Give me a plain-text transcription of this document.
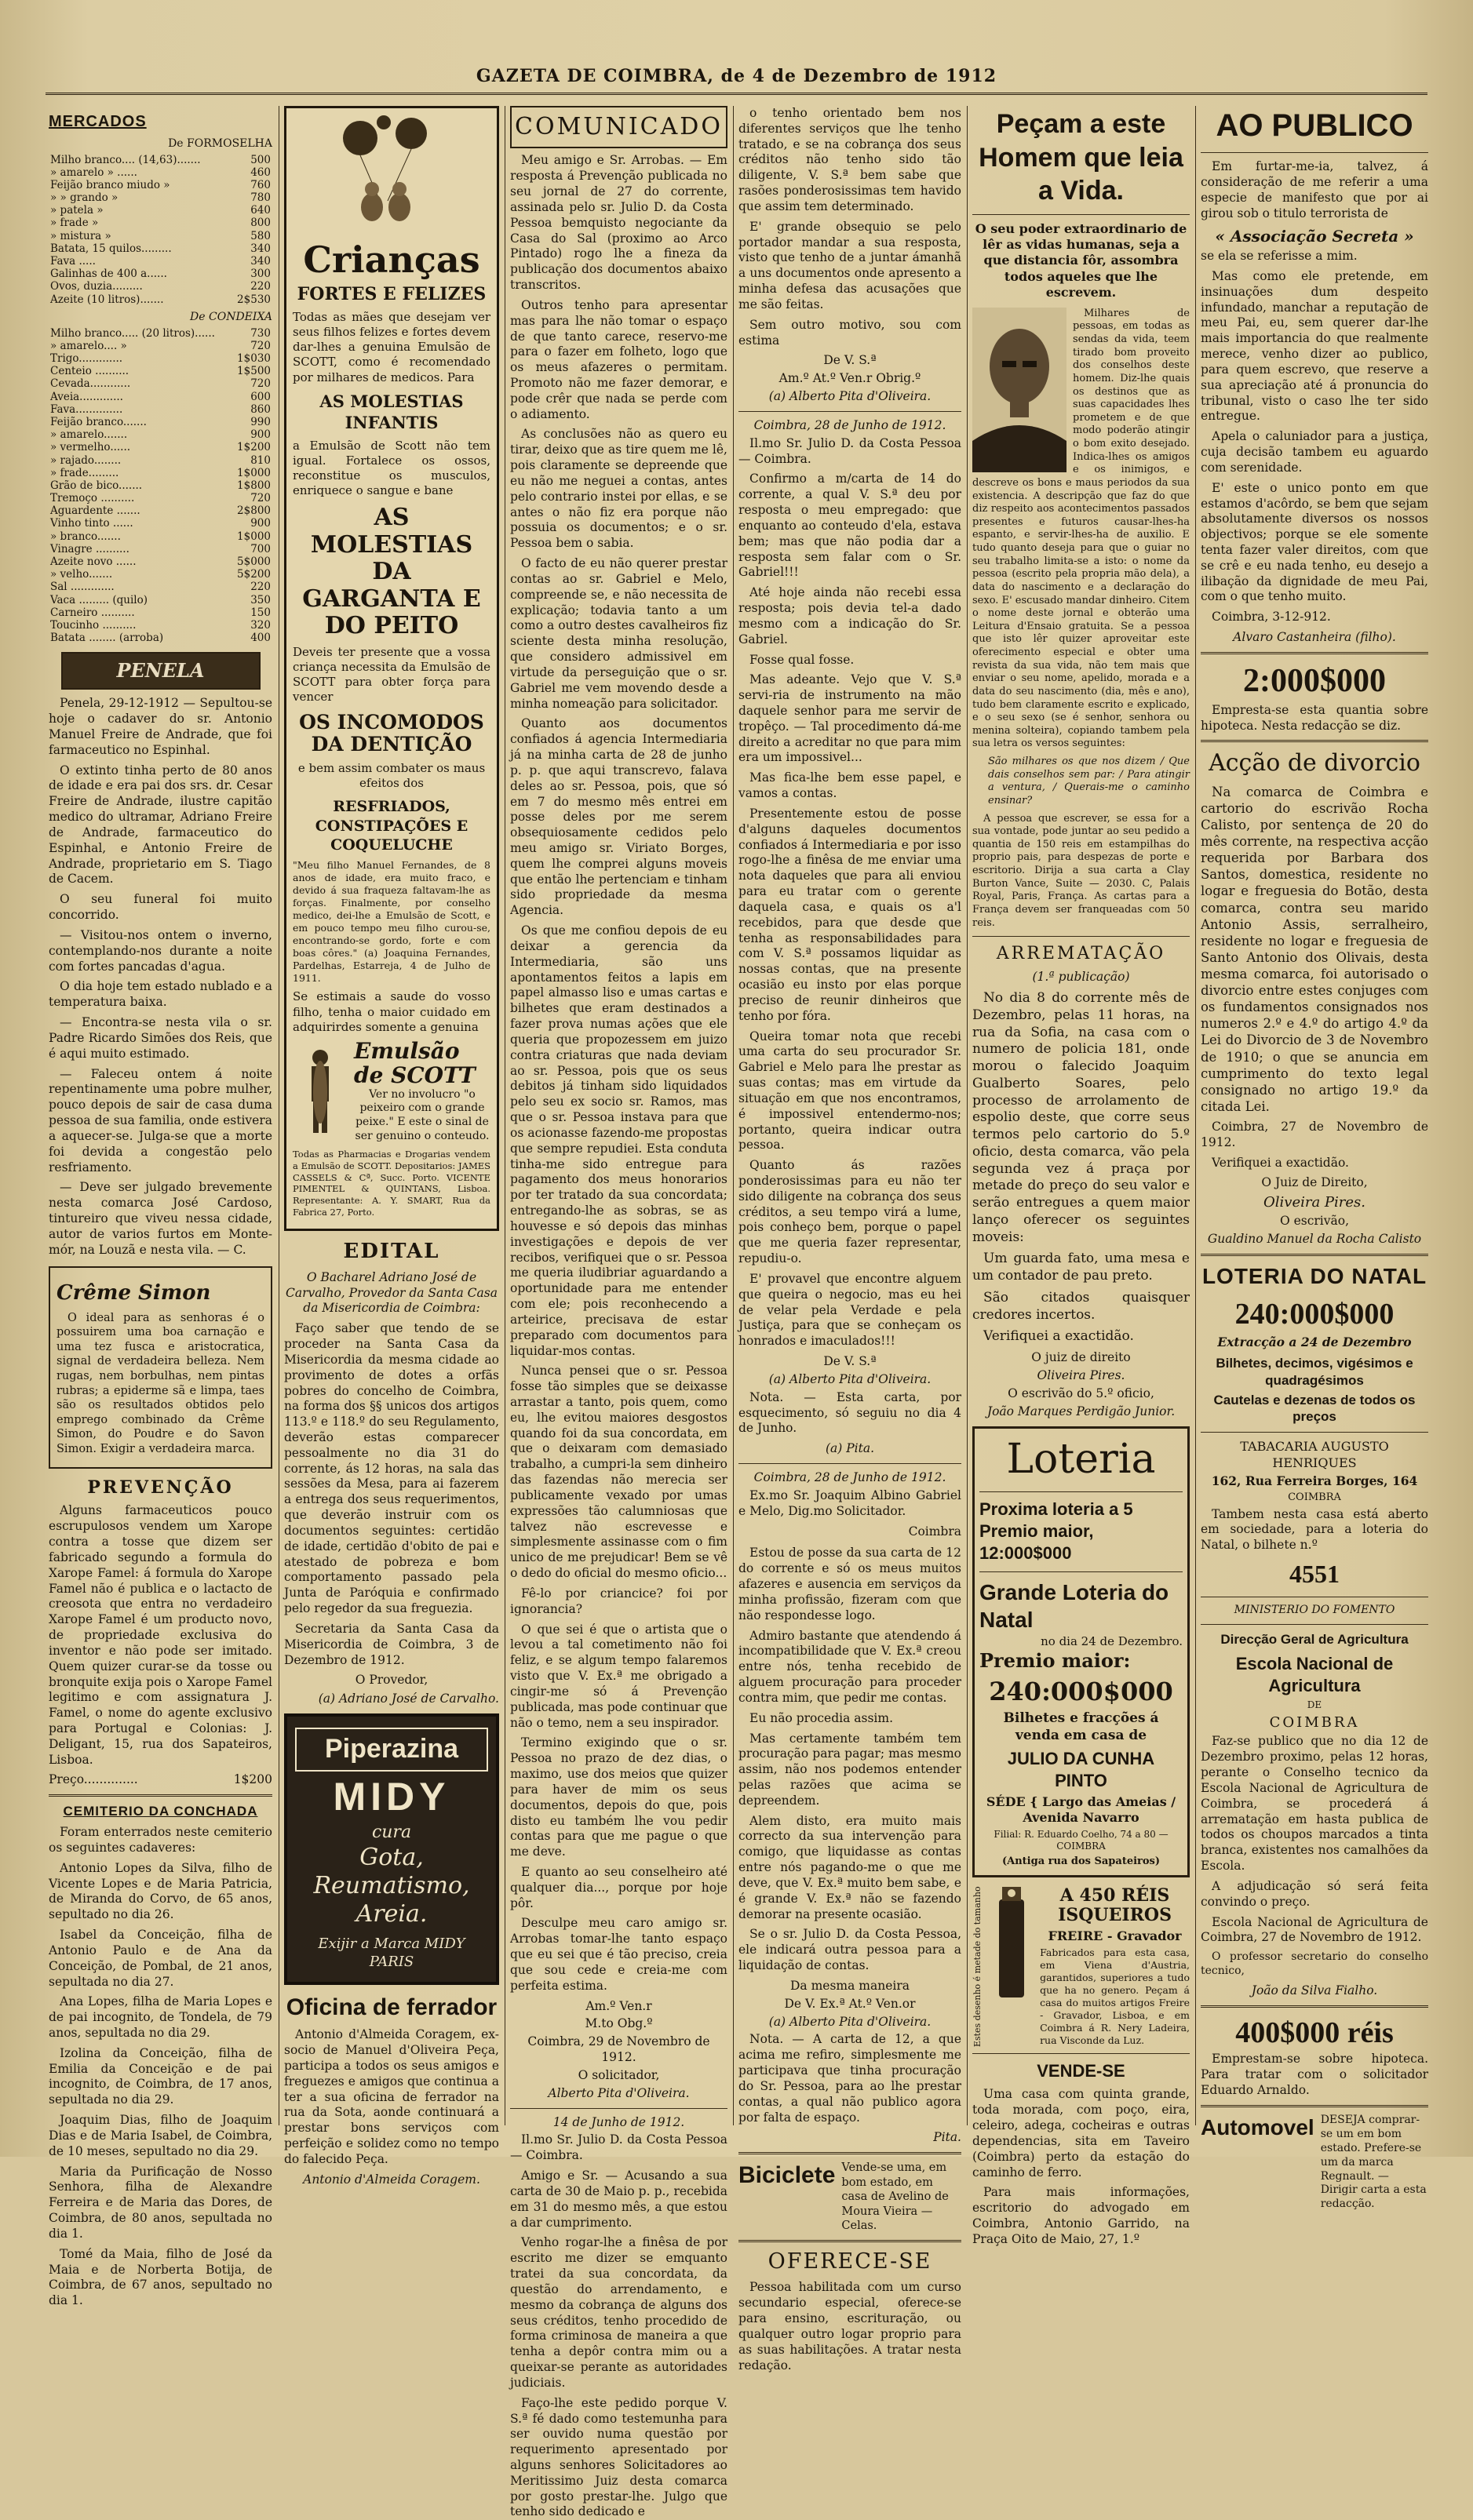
GAZETA DE COIMBRA, de 4 de Dezembro de 1912
MERCADOS
De FORMOSELHA
Milho branco.... (14,63).......	500
» amarelo » ......	460
Feijão branco miudo »	760
» » grando »	780
» patela »	640
» frade »	800
» mistura »	580
Batata, 15 quilos.........	340
Fava .....	340
Galinhas de 400 a......	300
Ovos, duzia.........	220
Azeite (10 litros).......	2$530
De CONDEIXA
Milho branco..... (20 litros)......	730
» amarelo.... »	720
Trigo.............	1$030
Centeio ..........	1$500
Cevada............	720
Aveia.............	600
Fava..............	860
Feijão branco.......	990
» amarelo.......	900
» vermelho......	1$200
» rajado........	810
» frade.........	1$000
Grão de bico.......	1$800
Tremoço ..........	720
Aguardente .......	2$800
Vinho tinto ......	900
» branco.......	1$000
Vinagre ..........	700
Azeite novo ......	5$000
» velho.......	5$200
Sal .............	220
Vaca ......... (quilo)	350
Carneiro ..........	150
Toucinho ..........	320
Batata ........ (arroba)	400
PENELA

Penela, 29-12-1912 — Sepultou-se hoje o cadaver do sr. Antonio Manuel Freire de Andrade, que foi farmaceutico no Espinhal.

O extinto tinha perto de 80 anos de idade e era pai dos srs. dr. Cesar Freire de Andrade, ilustre capitão medico do ultramar, Adriano Freire de Andrade, farmaceutico do Espinhal, e Antonio Freire de Andrade, proprietario em S. Tiago de Cacem.

O seu funeral foi muito concorrido.

— Visitou-nos ontem o inverno, contemplando-nos durante a noite com fortes pancadas d'agua.

O dia hoje tem estado nublado e a temperatura baixa.

— Encontra-se nesta vila o sr. Padre Ricardo Simões dos Reis, que é aqui muito estimado.

— Faleceu ontem á noite repentinamente uma pobre mulher, pouco depois de sair de casa duma pessoa de sua familia, onde estivera a aquecer-se. Julga-se que a morte foi devida a congestão pelo resfriamento.

— Deve ser julgado brevemente nesta comarca José Cardoso, tintureiro que viveu nessa cidade, autor de varios furtos em Monte-mór, na Louzã e nesta vila. — C.

Crême Simon

O ideal para as senhoras é o possuirem uma boa carnação e uma tez fusca e aristocratica, signal de verdadeira belleza. Nem rugas, nem borbulhas, nem pintas rubras; a epiderme sã e limpa, taes são os resultados obtidos pelo emprego combinado da Crême Simon, do Poudre e do Savon Simon. Exigir a verdadeira marca.

PREVENÇÃO

Alguns farmaceuticos pouco escrupulosos vendem um Xarope contra a tosse que dizem ser fabricado segundo a formula do Xarope Famel: á formula do Xarope Famel não é publica e o lactacto de creosota que entra no verdadeiro Xarope Famel é um producto novo, de propriedade exclusiva do inventor e não pode ser imitado. Quem quizer curar-se da tosse ou bronquite exija pois o Xarope Famel legitimo e com assignatura J. Famel, o nome do agente exclusivo para Portugal e Colonias: J. Deligant, 15, rua dos Sapateiros, Lisboa.

Preço..............	1$200
CEMITERIO DA CONCHADA

Foram enterrados neste cemiterio os seguintes cadaveres:

Antonio Lopes da Silva, filho de Vicente Lopes e de Maria Patricia, de Miranda do Corvo, de 65 anos, sepultado no dia 26.

Isabel da Conceição, filha de Antonio Paulo e de Ana da Conceição, de Pombal, de 21 anos, sepultada no dia 27.

Ana Lopes, filha de Maria Lopes e de pai incognito, de Tondela, de 79 anos, sepultada no dia 29.

Izolina da Conceição, filha de Emilia da Conceição e de pai incognito, de Coimbra, de 17 anos, sepultada no dia 29.

Joaquim Dias, filho de Joaquim Dias e de Maria Isabel, de Coimbra, de 10 meses, sepultado no dia 29.

Maria da Purificação de Nosso Senhora, filha de Alexandre Ferreira e de Maria das Dores, de Coimbra, de 80 anos, sepultada no dia 1.

Tomé da Maia, filho de José da Maia e de Norberta Botija, de Coimbra, de 67 anos, sepultado no dia 1.

Crianças
FORTES E FELIZES

Todas as mães que desejam ver seus filhos felizes e fortes devem dar-lhes a genuina Emulsão de SCOTT, como é recomendado por milhares de medicos. Para

AS MOLESTIAS INFANTIS

a Emulsão de Scott não tem igual. Fortalece os ossos, reconstitue os musculos, enriquece o sangue e bane

AS MOLESTIAS DA GARGANTA E DO PEITO

Deveis ter presente que a vossa criança necessita da Emulsão de SCOTT para obter força para vencer

OS INCOMODOS DA DENTIÇÃO

e bem assim combater os maus efeitos dos

RESFRIADOS, CONSTIPAÇÕES E COQUELUCHE

"Meu filho Manuel Fernandes, de 8 anos de idade, era muito fraco, e devido á sua fraqueza faltavam-lhe as forças. Finalmente, por conselho medico, dei-lhe a Emulsão de Scott, e em pouco tempo meu filho curou-se, encontrando-se gordo, forte e com boas côres." (a) Joaquina Fernandes, Pardelhas, Estarreja, 4 de Julho de 1911.

Se estimais a saude do vosso filho, tenha o maior cuidado em adquirirdes somente a genuina

Emulsão de SCOTT
Ver no involucro "o peixeiro com o grande peixe." E este o sinal de ser genuino o conteudo.

Todas as Pharmacias e Drogarias vendem a Emulsão de SCOTT. Depositarios: JAMES CASSELS & Cª, Succ. Porto. VICENTE PIMENTEL & QUINTANS, Lisboa. Representante: A. Y. SMART, Rua da Fabrica 27, Porto.

EDITAL
O Bacharel Adriano José de Carvalho, Provedor da Santa Casa da Misericordia de Coimbra:

Faço saber que tendo de se proceder na Santa Casa da Misericordia da mesma cidade ao provimento de dotes a orfãs pobres do concelho de Coimbra, na forma dos §§ unicos dos artigos 113.º e 118.º do seu Regulamento, deverão estas comparecer pessoalmente no dia 31 do corrente, ás 12 horas, na sala das sessões da Mesa, para ai fazerem a entrega dos seus requerimentos, que deverão instruir com os documentos seguintes: certidão de idade, certidão d'obito de pai e atestado de pobreza e bom comportamento passado pela Junta de Paróquia e confirmado pelo regedor da sua freguezia.

Secretaria da Santa Casa da Misericordia de Coimbra, 3 de Dezembro de 1912.

O Provedor,
(a) Adriano José de Carvalho.
Piperazina
MIDY
cura
Gota, Reumatismo, Areia.
Exijir a Marca MIDY PARIS
Oficina de ferrador

Antonio d'Almeida Coragem, ex-socio de Manuel d'Oliveira Peça, participa a todos os seus amigos e freguezes e amigos que continua a ter a sua oficina de ferrador na rua da Sota, aonde continuará a prestar bons serviços com perfeição e solidez como no tempo do falecido Peça.

Antonio d'Almeida Coragem.
COMUNICADO

Meu amigo e Sr. Arrobas. — Em resposta á Prevenção publicada no seu jornal de 27 do corrente, assinada pelo sr. Julio D. da Costa Pessoa bemquisto negociante da Casa do Sal (proximo ao Arco Pintado) rogo lhe a fineza da publicação dos documentos abaixo transcritos.

Outros tenho para apresentar mas para lhe não tomar o espaço de que tanto carece, reservo-me para o fazer em folheto, logo que os meus afazeres o permitam. Promoto não me fazer demorar, e pode crêr que nada se perde com o adiamento.

As conclusões não as quero eu tirar, deixo que as tire quem me lê, pois claramente se depreende que eu não me neguei a contas, antes pelo contrario instei por ellas, e se antes o não fiz era porque não possuia os documentos; e o sr. Pessoa bem o sabia.

O facto de eu não querer prestar contas ao sr. Gabriel e Melo, compreende se, e não necessita de explicação; todavia tanto a um como a outro destes cavalheiros fiz sciente desta minha resolução, que considero admissivel em virtude da perseguição que o sr. Gabriel me vem movendo desde a minha nomeação para solicitador.

Quanto aos documentos confiados á agencia Intermediaria já na minha carta de 28 de junho p. p. que aqui transcrevo, falava deles ao sr. Pessoa, pois, que só em 7 do mesmo mês entrei em posse deles por me serem obsequiosamente cedidos pelo meu amigo sr. Viriato Borges, quem lhe comprei alguns moveis que então lhe pertenciam e tinham sido propriedade da mesma Agencia.

Os que me confiou depois de eu deixar a gerencia da Intermediaria, são uns apontamentos feitos a lapis em papel almasso liso e umas cartas e bilhetes que eram destinados a fazer prova numas ações que ele queria que propozessem em juizo contra criaturas que nada deviam ao sr. Pessoa, pois que os seus debitos já tinham sido liquidados pelo seu ex socio sr. Ramos, mas que o sr. Pessoa instava para que os acionasse fazendo-me propostas que sempre repudiei. Esta conduta tinha-me sido entregue para pagamento dos meus honorarios por ter tratado da sua concordata; entregando-lhe as sobras, se as houvesse e só depois das minhas investigações e depois de ver recibos, verifiquei que o sr. Pessoa me queria iludibriar aguardando a oportunidade para me entender com ele; pois reconhecendo a arteirice, precisava de estar preparado com documentos para liquidar-mos contas.

Nunca pensei que o sr. Pessoa fosse tão simples que se deixasse arrastar a tanto, pois quem, como eu, lhe evitou maiores desgostos quando foi da sua concordata, em que o deixaram com demasiado trabalho, a cumpri-la sem dinheiro das fazendas não merecia ser publicamente vexado por umas expressões tão calumniosas que talvez não escrevesse e simplesmente assinasse com o fim unico de me prejudicar! Bem se vê o dedo do oficial do mesmo oficio...

Fê-lo por criancice? foi por ignorancia?

O que sei é que o artista que o levou a tal cometimento não foi feliz, e se algum tempo falaremos visto que V. Ex.ª me obrigado a cingir-me só á Prevenção publicada, mas pode continuar que não o temo, nem a seu inspirador.

Termino exigindo que o sr. Pessoa no prazo de dez dias, o maximo, use dos meios que quizer para haver de mim os seus documentos, depois do que, pois disto eu também lhe vou pedir contas para que me pague o que me deve.

E quanto ao seu conselheiro até qualquer dia..., porque por hoje pôr.

Desculpe meu caro amigo sr. Arrobas tomar-lhe tanto espaço que eu sei que é tão preciso, creia que sou cede e creia-me com perfeita estima.

Am.º Ven.r
M.to Obg.º
Coimbra, 29 de Novembro de 1912.
O solicitador,
Alberto Pita d'Oliveira.
14 de Junho de 1912.

Il.mo Sr. Julio D. da Costa Pessoa — Coimbra.

Amigo e Sr. — Acusando a sua carta de 30 de Maio p. p., recebida em 31 do mesmo mês, a que estou a dar cumprimento.

Venho rogar-lhe a finêsa de por escrito me dizer se emquanto tratei da sua concordata, da questão do arrendamento, e mesmo da cobrança de alguns dos seus créditos, tenho procedido de forma criminosa de maneira a que tenha a depôr contra mim ou a queixar-se perante as autoridades judiciais.

Faço-lhe este pedido porque V. S.ª fé dado como testemunha para ser ouvido numa questão por requerimento apresentado por alguns senhores Solicitadores ao Meritissimo Juiz desta comarca por gosto prestar-lhe. Julgo que tenho sido dedicado e

o tenho orientado bem nos diferentes serviços que lhe tenho tratado, e se na cobrança dos seus créditos não tenho sido tão diligente, V. S.ª bem sabe que rasões ponderosissimas tem havido que assim tem determinado.

E' grande obsequio se pelo portador mandar a sua resposta, visto que tenho de a juntar ámanhã a uns documentos onde apresento a minha defesa das acusações que me são feitas.

Sem outro motivo, sou com estima

De V. S.ª
Am.º At.º Ven.r Obrig.º
(a) Alberto Pita d'Oliveira.
Coimbra, 28 de Junho de 1912.

Il.mo Sr. Julio D. da Costa Pessoa — Coimbra.

Confirmo a m/carta de 14 do corrente, a qual V. S.ª deu por resposta o meu empregado: que enquanto ao conteudo d'ela, estava bem; mas que não podia dar a resposta sem falar com o Sr. Gabriel!!!

Até hoje ainda não recebi essa resposta; pois devia tel-a dado mesmo com a indicação do Sr. Gabriel.

Fosse qual fosse.

Mas adeante. Vejo que V. S.ª servi-ria de instrumento na mão daquele senhor para me servir de tropêço. — Tal procedimento dá-me direito a acreditar no que para mim era um impossivel...

Mas fica-lhe bem esse papel, e vamos a contas.

Presentemente estou de posse d'alguns daqueles documentos confiados á Intermediaria e por isso rogo-lhe a finêsa de me enviar uma nota daqueles que para ali enviou para eu tratar com o gerente daquela casa, e quais os a'l recebidos, para que desde que tenha as responsabilidades para com V. S.ª possamos liquidar as nossas contas, que na presente ocasião eu insto por elas porque preciso de reunir dinheiros que tenho por fóra.

Queira tomar nota que recebi uma carta do seu procurador Sr. Gabriel e Melo para lhe prestar as suas contas; mas em virtude da situação em que nos encontramos, é impossivel entendermo-nos; portanto, queira indicar outra pessoa.

Quanto ás razões ponderosissimas para eu não ter sido diligente na cobrança dos seus créditos, a seu tempo virá a lume, pois conheço bem, porque o papel que me queria fazer representar, repudiu-o.

E' provavel que encontre alguem que queira o negocio, mas eu hei de velar pela Verdade e pela Justiça, para que se conheçam os honrados e imaculados!!!

De V. S.ª
(a) Alberto Pita d'Oliveira.

Nota. — Esta carta, por esquecimento, só seguiu no dia 4 de Junho.

(a) Pita.
Coimbra, 28 de Junho de 1912.

Ex.mo Sr. Joaquim Albino Gabriel e Melo, Dig.mo Solicitador.

Coimbra

Estou de posse da sua carta de 12 do corrente e só os meus muitos afazeres e ausencia em serviços da minha profissão, fizeram com que não respondesse logo.

Admiro bastante que atendendo á incompatibilidade que V. Ex.ª creou entre nós, tenha recebido de alguem procuração para proceder contra mim, que pedir me contas.

Eu não procedia assim.

Mas certamente também tem procuração para pagar; mas mesmo assim, não nos podemos entender pelas razões que acima se depreendem.

Alem disto, era muito mais correcto da sua intervenção para comigo, que liquidasse as contas entre nós pagando-me o que me deve, que V. Ex.ª muito bem sabe, e é grande V. Ex.ª não se fazendo demorar na presente ocasião.

Se o sr. Julio D. da Costa Pessoa, ele indicará outra pessoa para a liquidação de contas.

Da mesma maneira
De V. Ex.ª At.º Ven.or
(a) Alberto Pita d'Oliveira.

Nota. — A carta de 12, a que acima me refiro, simplesmente me participava que tinha procuração do Sr. Pessoa, para ao lhe prestar contas, a qual não publico agora por falta de espaço.

Pita.
Biciclete Vende-se uma, em bom estado, em casa de Avelino de Moura Vieira — Celas.
OFERECE-SE

Pessoa habilitada com um curso secundario especial, oferece-se para ensino, escrituração, ou qualquer outro logar proprio para as suas habilitações. A tratar nesta redação.

Peçam a este Homem que leia a Vida.
O seu poder extraordinario de lêr as vidas humanas, seja a que distancia fôr, assombra todos aqueles que lhe escrevem.

Milhares de pessoas, em todas as sendas da vida, teem tirado bom proveito dos conselhos deste homem. Diz-lhe quais os destinos que as suas capacidades lhes prometem e de que modo poderão atingir o bom exito desejado. Indica-lhes os amigos e os inimigos, e descreve os bons e maus periodos da sua existencia. A descripção que faz do que diz respeito aos acontecimentos passados presentes e futuros causar-lhes-ha espanto, e servir-lhes-ha de auxilio. E tudo quanto deseja para que o guiar no seu trabalho limita-se a isto: o nome da pessoa (escrito pela propria mão dela), a data do nascimento e a declaração do sexo. E' escusado mandar dinheiro. Citem o nome deste jornal e obterão uma Leitura d'Ensaio gratuita. Se a pessoa que isto lêr quizer aproveitar este oferecimento especial e obter uma revista da sua vida, não tem mais que enviar o seu nome, apelido, morada e a data do seu nascimento (dia, mês e ano), tudo bem claramente escrito e explicado, e o seu sexo (se é senhor, senhora ou menina solteira), copiando tambem pela sua letra os versos seguintes:

São milhares os que nos dizem / Que dais conselhos sem par: / Para atingir a ventura, / Querais-me o caminho ensinar?

A pessoa que escrever, se essa for a sua vontade, pode juntar ao seu pedido a quantia de 150 reis em estampilhas do proprio pais, para despezas de porte e escritorio. Dirija a sua carta a Clay Burton Vance, Suite — 2030. C, Palais Royal, Paris, França. As cartas para a França devem ser franqueadas com 50 reis.

ARREMATAÇÃO
(1.ª publicação)

No dia 8 do corrente mês de Dezembro, pelas 11 horas, na rua da Sofia, na casa com o numero de policia 181, onde morou o falecido Joaquim Gualberto Soares, pelo processo de arrolamento de espolio deste, que corre seus termos pelo cartorio do 5.º oficio, desta comarca, vão pela segunda vez á praça por metade do preço do seu valor e serão entregues a quem maior lanço oferecer os seguintes moveis:

Um guarda fato, uma mesa e um contador de pau preto.

São citados quaisquer credores incertos.

Verifiquei a exactidão.

O juiz de direito
Oliveira Pires.
O escrivão do 5.º oficio,
João Marques Perdigão Junior.
Loteria
Proxima loteria a 5
Premio maior, 12:000$000
Grande Loteria do Natal
no dia 24 de Dezembro.
Premio maior:
240:000$000
Bilhetes e fracções á venda em casa de
JULIO DA CUNHA PINTO
SÉDE { Largo das Ameias / Avenida Navarro
Filial: R. Eduardo Coelho, 74 a 80 — COIMBRA
(Antiga rua dos Sapateiros)
Estes desenho é metade do tamanho	A 450 RÉIS ISQUEIROS
FREIRE - Gravador
Fabricados para esta casa, em Viena d'Austria, garantidos, superiores a tudo que ha no genero. Peçam á casa do muitos artigos Freire - Gravador, Lisboa, e em Coimbra á R. Nery Ladeira, rua Visconde da Luz.
VENDE-SE

Uma casa com quinta grande, toda morada, com poço, eira, celeiro, adega, cocheiras e outras dependencias, sita em Taveiro (Coimbra) perto da estação do caminho de ferro.

Para mais informações, escritorio do advogado em Coimbra, Antonio Garrido, na Praça Oito de Maio, 27, 1.º

AO PUBLICO

Em furtar-me-ia, talvez, á consideração de me referir a uma especie de manifesto que por ai girou sob o titulo terrorista de

« Associação Secreta »

se ela se referisse a mim.

Mas como ele pretende, em insinuações dum despeito infundado, manchar a reputação de meu Pai, eu, sem querer dar-lhe mais importancia do que realmente merece, venho dizer ao publico, para quem escrevo, que reserve a sua apreciação até á pronuncia do tribunal, visto o caso lhe ter sido entregue.

Apela o caluniador para a justiça, cuja decisão tambem eu aguardo com serenidade.

E' este o unico ponto em que estamos d'acôrdo, se bem que sejam absolutamente diversos os nossos objectivos; porque se ele somente tenta fazer valer direitos, com que se crê e eu nada tenho, eu desejo a ilibação da dignidade de meu Pai, com o que tenho muito.

Coimbra, 3-12-912.

Alvaro Castanheira (filho).
2:000$000

Empresta-se esta quantia sobre hipoteca. Nesta redacção se diz.

Acção de divorcio

Na comarca de Coimbra e cartorio do escrivão Rocha Calisto, por sentença de 20 do mês corrente, na respectiva acção requerida por Barbara dos Santos, domestica, residente no logar e freguesia do Botão, desta comarca, contra seu marido Antonio Assis, serralheiro, residente no logar e freguesia de Santo Antonio dos Olivais, desta mesma comarca, foi autorisado o divorcio entre estes conjuges com os fundamentos consignados nos numeros 2.º e 4.º do artigo 4.º da Lei do Divorcio de 3 de Novembro de 1910; o que se anuncia em cumprimento do texto legal consignado no artigo 19.º da citada Lei.

Coimbra, 27 de Novembro de 1912.

Verifiquei a exactidão.

O Juiz de Direito,
Oliveira Pires.
O escrivão,
Gualdino Manuel da Rocha Calisto
LOTERIA DO NATAL
240:000$000
Extracção a 24 de Dezembro
Bilhetes, decimos, vigésimos e quadragésimos
Cautelas e dezenas de todos os preços
TABACARIA AUGUSTO HENRIQUES
162, Rua Ferreira Borges, 164
COIMBRA

Tambem nesta casa está aberto em sociedade, para a loteria do Natal, o bilhete n.º

4551
MINISTERIO DO FOMENTO
Direcção Geral de Agricultura
Escola Nacional de Agricultura
DE
COIMBRA

Faz-se publico que no dia 12 de Dezembro proximo, pelas 12 horas, perante o Conselho tecnico da Escola Nacional de Agricultura de Coimbra, se procederá á arrematação em hasta publica de todos os choupos marcados a tinta branca, existentes nos camalhões da Escola.

A adjudicação só será feita convindo o preço.

Escola Nacional de Agricultura de Coimbra, 27 de Novembro de 1912.

O professor secretario do conselho tecnico,

João da Silva Fialho.
400$000 réis

Emprestam-se sobre hipoteca. Para tratar com o solicitador Eduardo Arnaldo.

Automovel DESEJA comprar-se um em bom estado. Prefere-se um da marca Regnault. — Dirigir carta a esta redacção.
